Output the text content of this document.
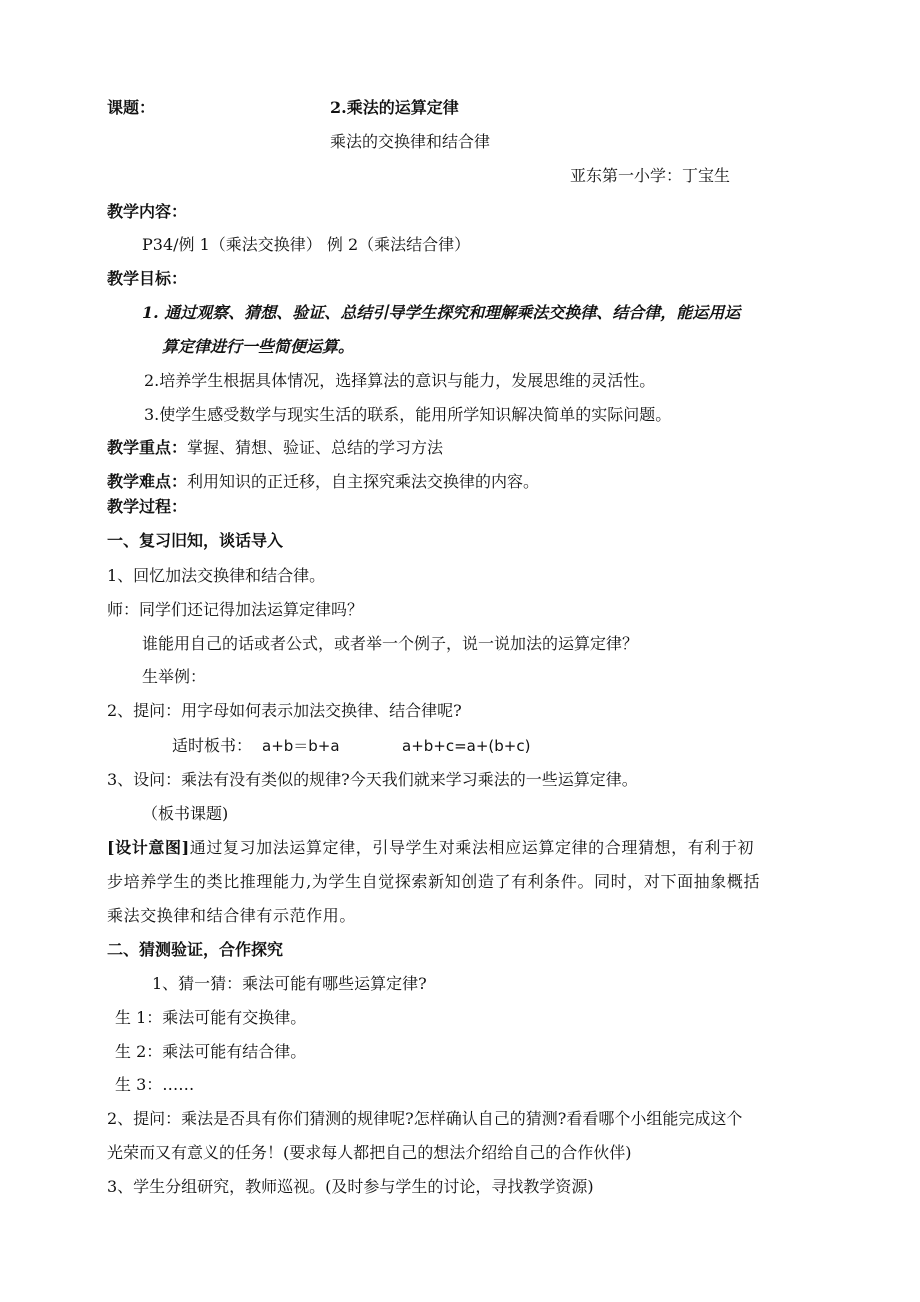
课题：	2.乘法的运算定律
乘法的交换律和结合律
亚东第一小学：丁宝生
教学内容：
P34/例 1（乘法交换律） 例 2（乘法结合律）
教学目标：
1. 通过观察、猜想、验证、总结引导学生探究和理解乘法交换律、结合律，能运用运
算定律进行一些简便运算。
2.培养学生根据具体情况，选择算法的意识与能力，发展思维的灵活性。
3.使学生感受数学与现实生活的联系，能用所学知识解决简单的实际问题。
教学重点：掌握、猜想、验证、总结的学习方法
教学难点：利用知识的正迁移，自主探究乘法交换律的内容。
教学过程：
一、复习旧知，谈话导入
1、回忆加法交换律和结合律。
师：同学们还记得加法运算定律吗？
谁能用自己的话或者公式，或者举一个例子，说一说加法的运算定律？
生举例：
2、提问：用字母如何表示加法交换律、结合律呢?
适时板书： a+b＝b+a	a+b+c=a+(b+c)
3、设问：乘法有没有类似的规律?今天我们就来学习乘法的一些运算定律。
（板书课题)
[设计意图]通过复习加法运算定律，引导学生对乘法相应运算定律的合理猜想，有利于初
步培养学生的类比推理能力,为学生自觉探索新知创造了有利条件。同时，对下面抽象概括
乘法交换律和结合律有示范作用。
二、猜测验证，合作探究
1、猜一猜：乘法可能有哪些运算定律?
生 1：乘法可能有交换律。
生 2：乘法可能有结合律。
生 3：……
2、提问：乘法是否具有你们猜测的规律呢?怎样确认自己的猜测?看看哪个小组能完成这个
光荣而又有意义的任务！(要求每人都把自己的想法介绍给自己的合作伙伴)
3、学生分组研究，教师巡视。(及时参与学生的讨论，寻找教学资源)
